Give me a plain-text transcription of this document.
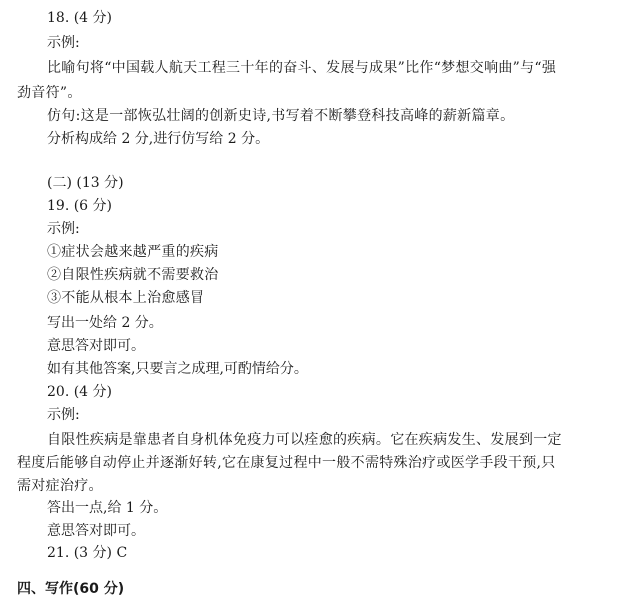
18. (4 分)
示例:
比喻句将“中国载人航天工程三十年的奋斗、发展与成果”比作“梦想交响曲”与“强
劲音符”。
仿句:这是一部恢弘壮阔的创新史诗,书写着不断攀登科技高峰的薪新篇章。
分析构成给 2 分,进行仿写给 2 分。
(二) (13 分)
19. (6 分)
示例:
①症状会越来越严重的疾病
②自限性疾病就不需要救治
③不能从根本上治愈感冒
写出一处给 2 分。
意思答对即可。
如有其他答案,只要言之成理,可酌情给分。
20. (4 分)
示例:
自限性疾病是靠患者自身机体免疫力可以痊愈的疾病。它在疾病发生、发展到一定
程度后能够自动停止并逐渐好转,它在康复过程中一般不需特殊治疗或医学手段干预,只
需对症治疗。
答出一点,给 1 分。
意思答对即可。
21. (3 分) C
四、写作(60 分)
